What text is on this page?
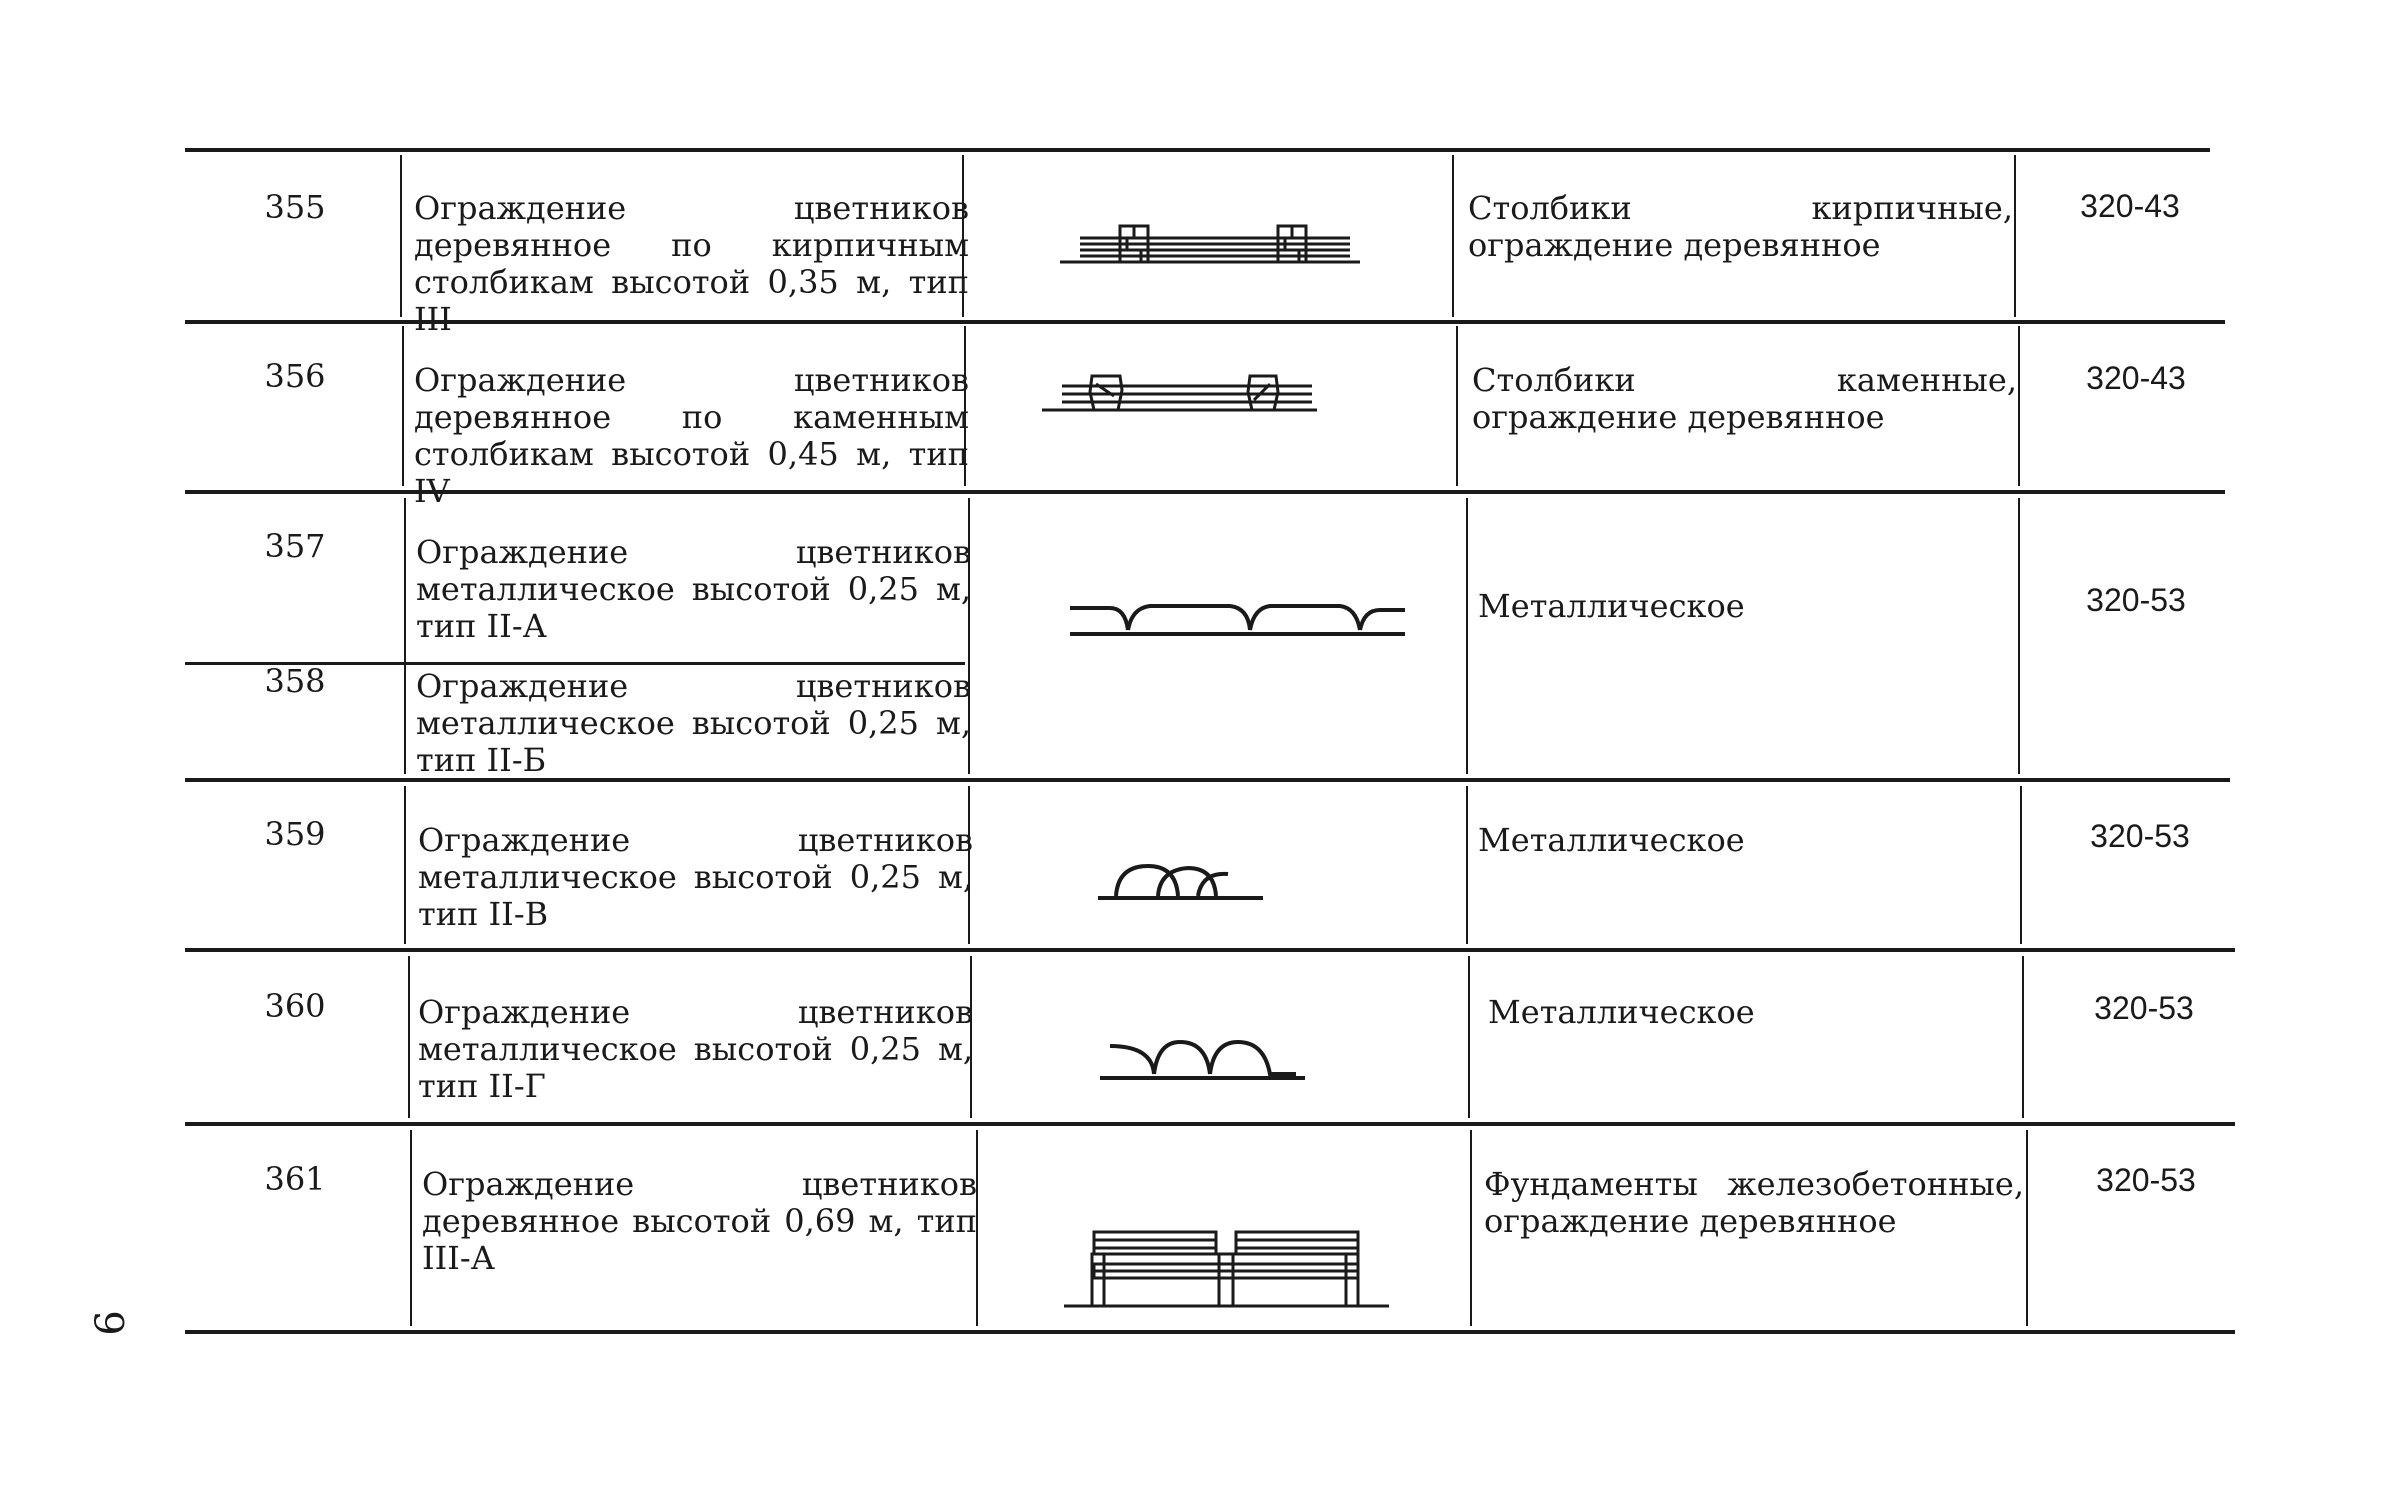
355
356
357
358
359
360
361
Ограждение цветников деревянное по кирпичным столбикам высотой 0,35 м, тип III
Ограждение цветников деревянное по каменным столбикам высотой 0,45 м, тип IV
Ограждение цветников металлическое высотой 0,25 м, тип II-А
Ограждение цветников металлическое высотой 0,25 м, тип II-Б
Ограждение цветников металлическое высотой 0,25 м, тип II-В
Ограждение цветников металлическое высотой 0,25 м, тип II-Г
Ограждение цветников деревянное высотой 0,69 м, тип III-А
Столбики кирпичные, ограждение деревянное
Столбики каменные, ограждение деревянное
Металлическое
Металлическое
Металлическое
Фундаменты железобетонные, ограждение деревянное
320-43
320-43
320-53
320-53
320-53
320-53
9
